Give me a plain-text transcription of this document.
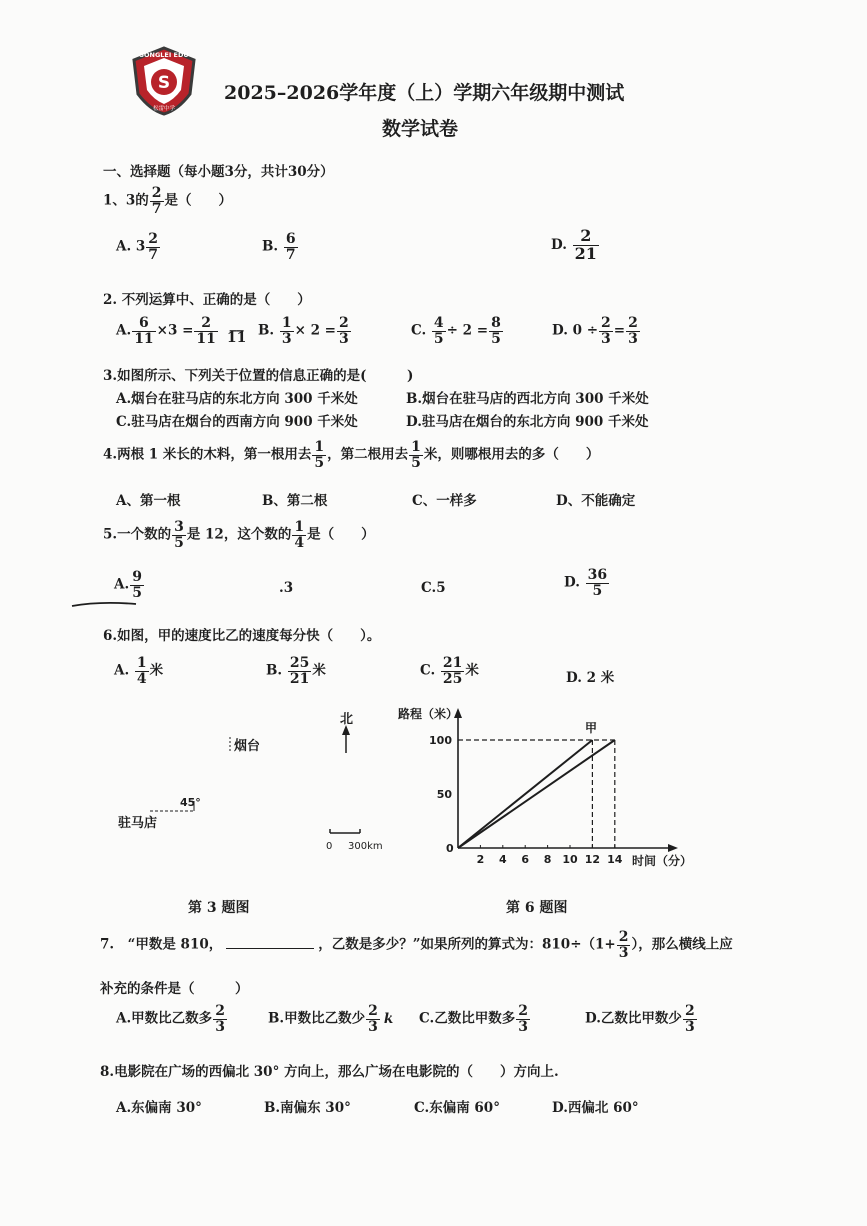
S
SONGLEI EDU
松雷中学
2025–2026学年度（上）学期六年级期中测试
数学试卷
一、选择题（每小题3分，共计30分）
1、3的 $\frac{2}{7}$ 是（　　）
A. $3 \frac{2}{7}$	B. $\frac{6}{7}$	D. $\frac{2}{21}$
2. 不列运算中、正确的是（　　）
A. $\frac{6}{11} \times 3 = \frac{2}{11}$ __
11 B. $\frac{1}{3} \times 2 = \frac{2}{3}$	C. $\frac{4}{5} \div 2 = \frac{8}{5}$	D. $0 \div \frac{2}{3} = \frac{2}{3}$
3.如图所示、下列关于位置的信息正确的是(　　　)
A.烟台在驻马店的东北方向 300 千米处	B.烟台在驻马店的西北方向 300 千米处
C.驻马店在烟台的西南方向 900 千米处	D.驻马店在烟台的东北方向 900 千米处
4.两根 1 米长的木料，第一根用去 $\frac{1}{5}$ ，第二根用去 $\frac{1}{5}$ 米，则哪根用去的多（　　）
A、第一根	B、第二根	C、一样多	D、不能确定
5.一个数的 $\frac{3}{5}$ 是 12，这个数的 $\frac{1}{4}$ 是（　　）
A. $\frac{9}{5}$	.3	C.5	D. $\frac{36}{5}$
6.如图，甲的速度比乙的速度每分快（　　）。
A. $\frac{1}{4}$ 米	B. $\frac{25}{21}$ 米	C. $\frac{21}{25}$ 米	D. 2 米
北
烟台
45°
驻马店
0 300km
路程（米）
时间（分）
0
2 4 6 8 10 12 14
50
100
甲
第 3 题图	第 6 题图
7.　“甲数是 810，	，乙数是多少？”如果所列的算式为：$810\div(1+ \frac{2}{3}$ ），那么横线上应
补充的条件是（　　　）
A.甲数比乙数多 $\frac{2}{3}$	B.甲数比乙数少 $\frac{2}{3}$ k C.乙数比甲数多 $\frac{2}{3}$	D.乙数比甲数少 $\frac{2}{3}$
8.电影院在广场的西偏北 30° 方向上，那么广场在电影院的（　　）方向上.
A.东偏南 30°	B.南偏东 30°	C.东偏南 60°	D.西偏北 60°
